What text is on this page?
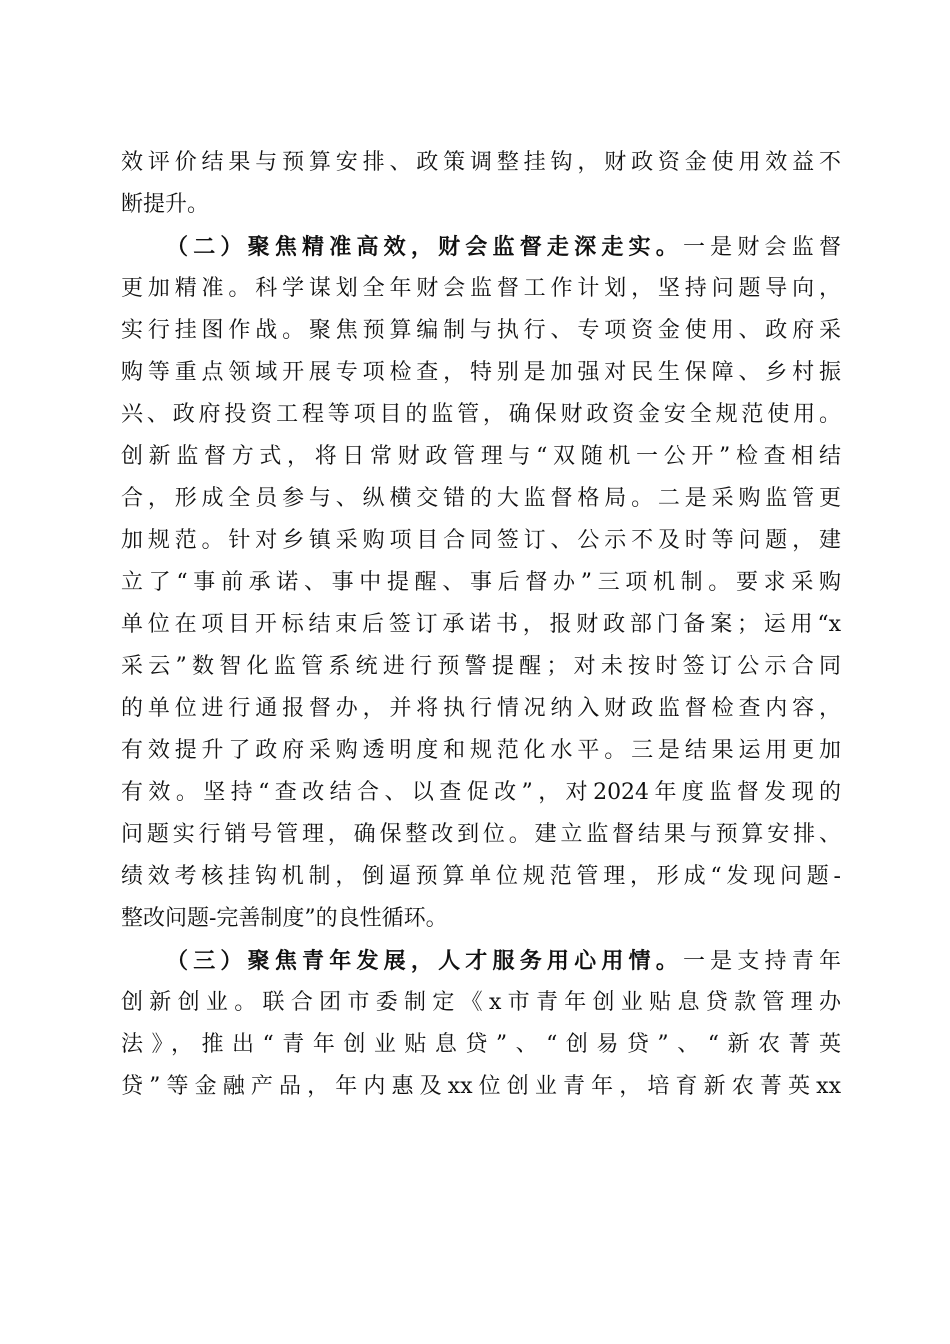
效评价结果与预算安排、政策调整挂钩，财政资金使用效益不
断提升。
（二）聚焦精准高效，财会监督走深走实。一是财会监督
更加精准。科学谋划全年财会监督工作计划，坚持问题导向，
实行挂图作战。聚焦预算编制与执行、专项资金使用、政府采
购等重点领域开展专项检查，特别是加强对民生保障、乡村振
兴、政府投资工程等项目的监管，确保财政资金安全规范使用。
创新监督方式，将日常财政管理与“双随机一公开”检查相结
合，形成全员参与、纵横交错的大监督格局。二是采购监管更
加规范。针对乡镇采购项目合同签订、公示不及时等问题，建
立了“事前承诺、事中提醒、事后督办”三项机制。要求采购
单位在项目开标结束后签订承诺书，报财政部门备案；运用“x
采云”数智化监管系统进行预警提醒；对未按时签订公示合同
的单位进行通报督办，并将执行情况纳入财政监督检查内容，
有效提升了政府采购透明度和规范化水平。三是结果运用更加
有效。坚持“查改结合、以查促改”，对2024年度监督发现的
问题实行销号管理，确保整改到位。建立监督结果与预算安排、
绩效考核挂钩机制，倒逼预算单位规范管理，形成“发现问题-
整改问题-完善制度”的良性循环。
（三）聚焦青年发展，人才服务用心用情。一是支持青年
创新创业。联合团市委制定《x市青年创业贴息贷款管理办
法》，推出“青年创业贴息贷”、“创易贷”、“新农菁英
贷”等金融产品，年内惠及xx位创业青年，培育新农菁英xx
